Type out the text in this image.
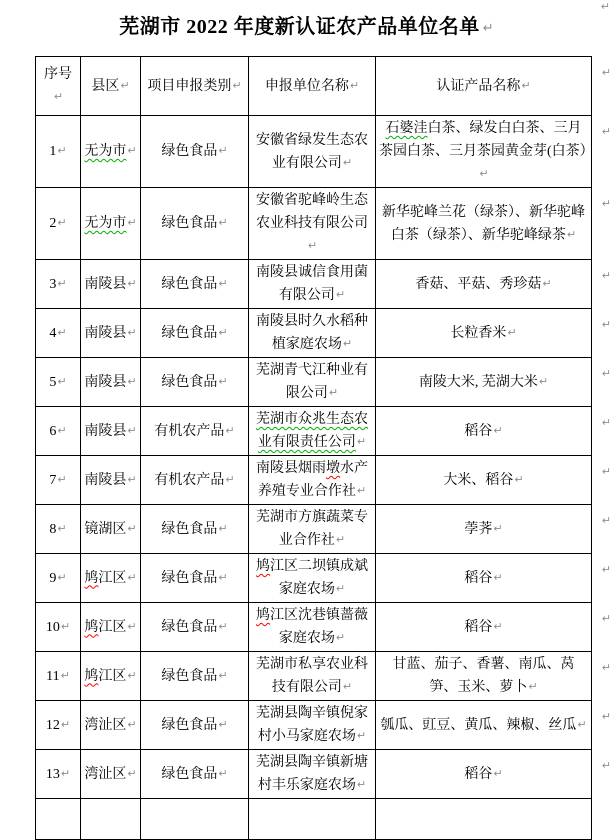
↵
芜湖市 2022 年度新认证农产品单位名单 ↵
序号↵	县区↵	项目申报类别↵	申报单位名称↵	认证产品名称↵
↵

1↵	无为市↵	绿色食品↵	安徽省绿发生态农业有限公司↵	石婆洼白茶、绿发白白茶、三月茶园白茶、三月茶园黄金芽(白茶）↵
↵

2↵	无为市↵	绿色食品↵	安徽省驼峰岭生态农业科技有限公司↵	新华驼峰兰花（绿茶）、新华驼峰白茶（绿茶）、新华驼峰绿茶↵
↵

3↵	南陵县↵	绿色食品↵	南陵县诚信食用菌有限公司↵	香菇、平菇、秀珍菇↵
↵

4↵	南陵县↵	绿色食品↵	南陵县时久水稻种植家庭农场↵	长粒香米↵
↵

5↵	南陵县↵	绿色食品↵	芜湖青弋江种业有限公司↵	南陵大米, 芜湖大米↵
↵

6↵	南陵县↵	有机农产品↵	芜湖市众兆生态农业有限责任公司↵	稻谷↵
↵

7↵	南陵县↵	有机农产品↵	南陵县烟雨墩水产养殖专业合作社↵	大米、稻谷↵
↵

8↵	镜湖区↵	绿色食品↵	芜湖市方旗蔬菜专业合作社↵	荸荠↵
↵

9↵	鸠江区↵	绿色食品↵	鸠江区二坝镇成斌家庭农场↵	稻谷↵
↵

10↵	鸠江区↵	绿色食品↵	鸠江区沈巷镇蔷薇家庭农场↵	稻谷↵
↵

11↵	鸠江区↵	绿色食品↵	芜湖市私享农业科技有限公司↵	甘蓝、茄子、香薯、南瓜、莴笋、玉米、萝卜↵
↵

12↵	湾沚区↵	绿色食品↵	芜湖县陶辛镇倪家村小马家庭农场↵	瓠瓜、豇豆、黄瓜、辣椒、丝瓜↵
↵

13↵	湾沚区↵	绿色食品↵	芜湖县陶辛镇新塘村丰乐家庭农场↵	稻谷↵
↵
